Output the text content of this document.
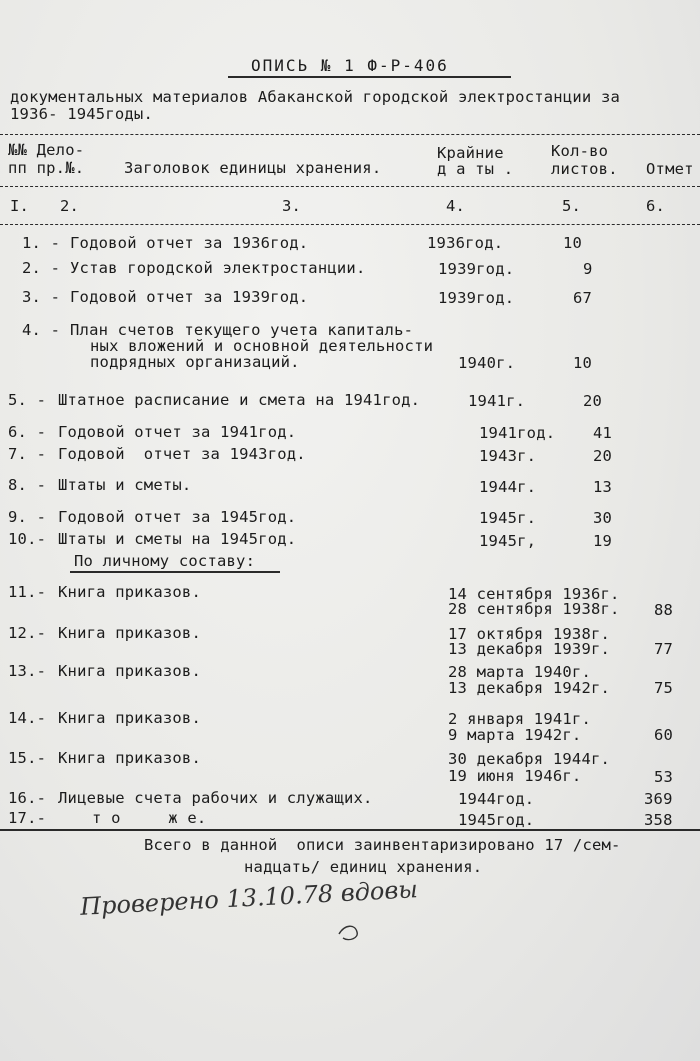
ОПИСЬ № 1 Ф-Р-406
документальных материалов Абаканской городской электростанции за
1936- 1945годы.
№№ Дело-
пп пр.№.	Заголовок единицы хранения.
Крайние
д а ты .
Кол-во
листов. Отмет
I. 2.	3.	4.	5.	6.
1. - Годовой отчет за 1936год.	1936год.	10
2. - Устав городской электростанции.	1939год.	9
3. - Годовой отчет за 1939год.	1939год.	67
4. - План счетов текущего учета капиталь-
ных вложений и основной деятельности
подрядных организаций.	1940г.	10
5. - Штатное расписание и смета на 1941год.	1941г.	20
6. - Годовой отчет за 1941год.	1941год. 41
7. - Годовой  отчет за 1943год.	1943г.	20
8. - Штаты и сметы.	1944г.	13
9. - Годовой отчет за 1945год.	1945г.	30
10.- Штаты и сметы на 1945год.	1945г,	19
По личному составу:
11.- Книга приказов.	14 сентября 1936г.
28 сентября 1938г. 88
12.- Книга приказов.	17 октября 1938г.
13 декабря 1939г.	77
13.- Книга приказов.	28 марта 1940г.
13 декабря 1942г.	75
14.- Книга приказов.	2 января 1941г.
9 марта 1942г.	60
15.- Книга приказов.	30 декабря 1944г.
19 июня 1946г.	53
16.- Лицевые счета рабочих и служащих.	1944год.	369
17.-	т о     ж е.	1945год.	358
Всего в данной  описи заинвентаризировано 17 /сем-
надцать/ единиц хранения.
Проверено 13.10.78 вдовы
